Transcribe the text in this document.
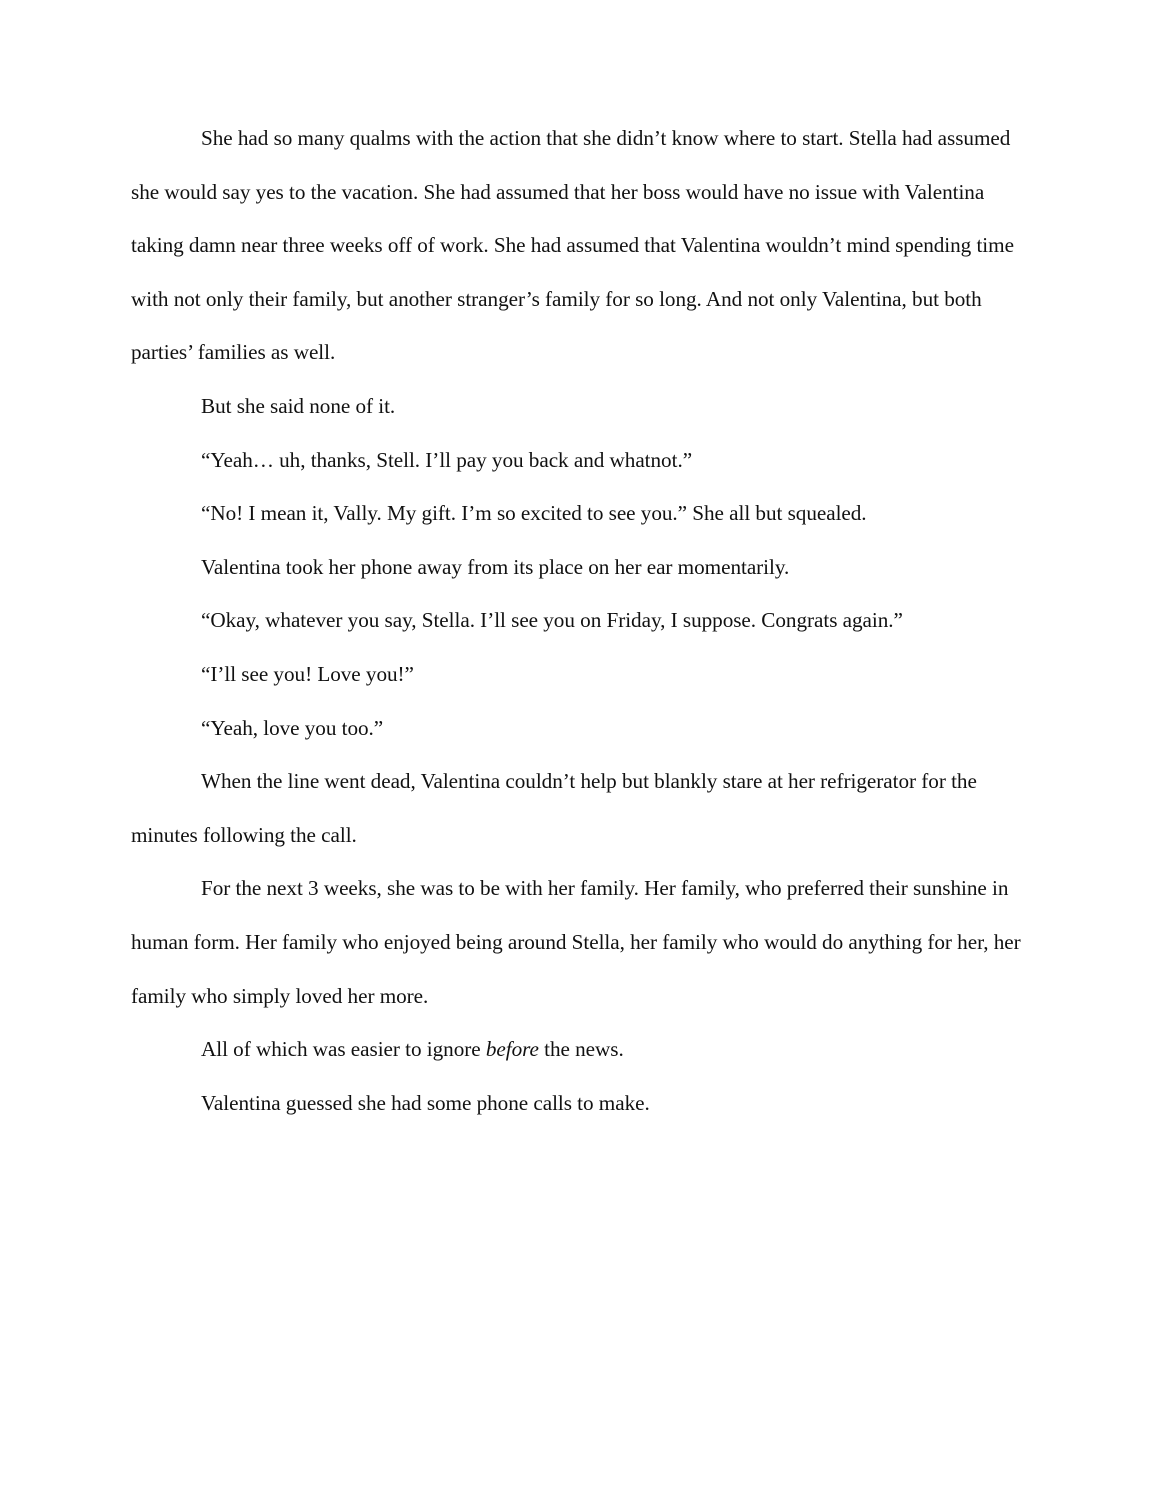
She had so many qualms with the action that she didn’t know where to start. Stella had assumed she would say yes to the vacation. She had assumed that her boss would have no issue with Valentina taking damn near three weeks off of work. She had assumed that Valentina wouldn’t mind spending time with not only their family, but another stranger’s family for so long. And not only Valentina, but both parties’ families as well.

But she said none of it.

“Yeah… uh, thanks, Stell. I’ll pay you back and whatnot.”

“No! I mean it, Vally. My gift. I’m so excited to see you.” She all but squealed.

Valentina took her phone away from its place on her ear momentarily.

“Okay, whatever you say, Stella. I’ll see you on Friday, I suppose. Congrats again.”

“I’ll see you! Love you!”

“Yeah, love you too.”

When the line went dead, Valentina couldn’t help but blankly stare at her refrigerator for the minutes following the call.

For the next 3 weeks, she was to be with her family. Her family, who preferred their sunshine in human form. Her family who enjoyed being around Stella, her family who would do anything for her, her family who simply loved her more.

All of which was easier to ignore before the news.

Valentina guessed she had some phone calls to make.
